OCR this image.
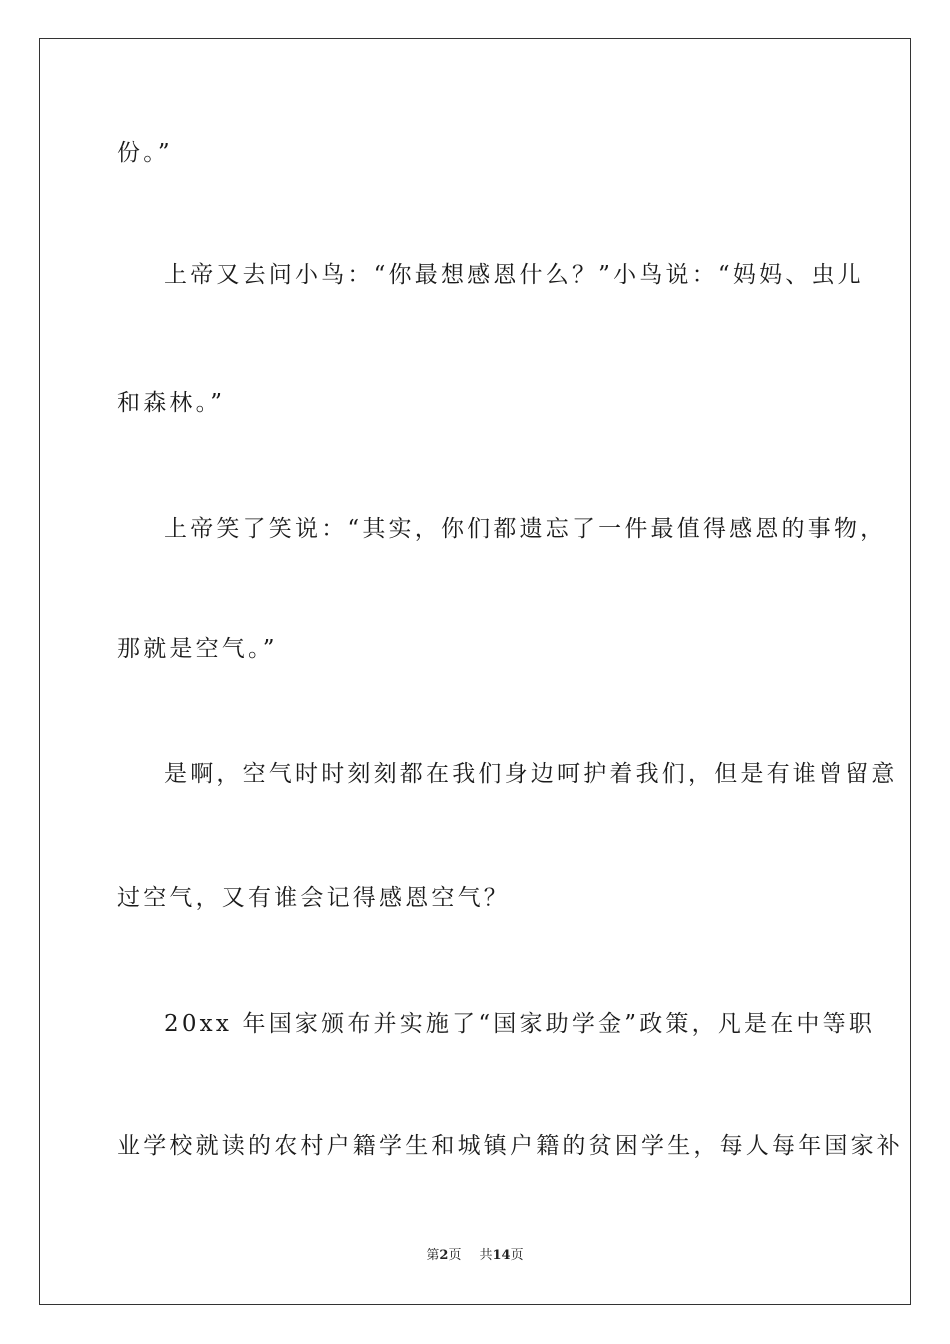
份。”
上帝又去问小鸟：“你最想感恩什么？”小鸟说：“妈妈、虫儿
和森林。”
上帝笑了笑说：“其实，你们都遗忘了一件最值得感恩的事物，
那就是空气。”
是啊，空气时时刻刻都在我们身边呵护着我们，但是有谁曾留意
过空气，又有谁会记得感恩空气？
20xx 年国家颁布并实施了“国家助学金”政策，凡是在中等职
业学校就读的农村户籍学生和城镇户籍的贫困学生，每人每年国家补
第2页 共14页
